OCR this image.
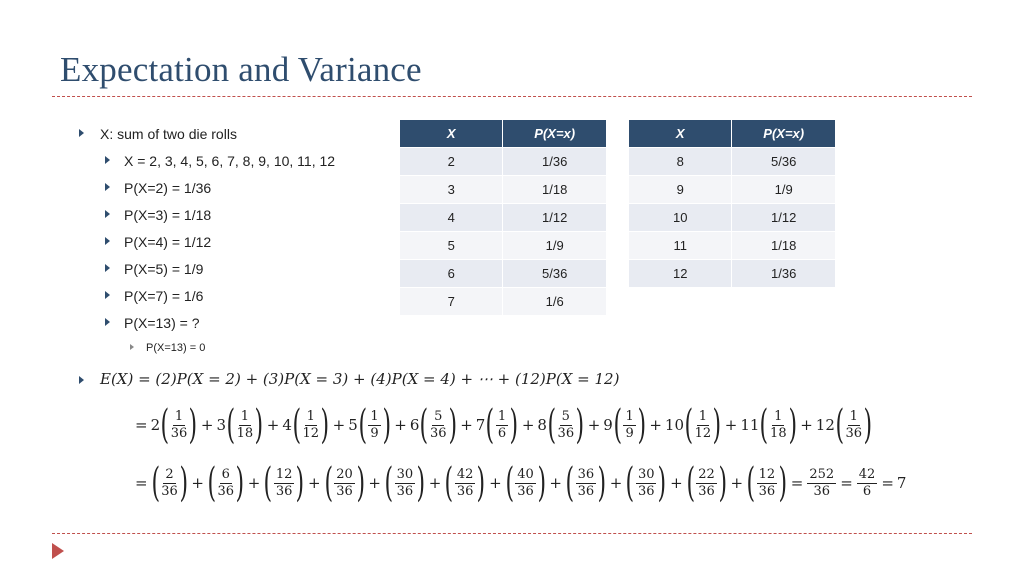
Expectation and Variance
X: sum of two die rolls
X = 2, 3, 4, 5, 6, 7, 8, 9, 10, 11, 12
P(X=2) = 1/36
P(X=3) = 1/18
P(X=4) = 1/12
P(X=5) = 1/9
P(X=7) = 1/6
P(X=13) = ?
P(X=13) = 0
E(X) = (2)P(X = 2) + (3)P(X = 3) + (4)P(X = 4) + ⋯ + (12)P(X = 12)
X	P(X=x)
2	1/36
3	1/18
4	1/12
5	1/9
6	5/36
7	1/6
X	P(X=x)
8	5/36
9	1/9
10	1/12
11	1/18
12	1/36
= 2 ( $\frac{1}{36}$ ) + 3 ( $\frac{1}{18}$ ) + 4 ( $\frac{1}{12}$ ) + 5 ( $\frac{1}{9}$ ) + 6 ( $\frac{5}{36}$ ) + 7 ( $\frac{1}{6}$ ) + 8 ( $\frac{5}{36}$ ) + 9 ( $\frac{1}{9}$ ) + 10 ( $\frac{1}{12}$ ) + 11 ( $\frac{1}{18}$ ) + 12 ( $\frac{1}{36}$ )
= ( $\frac{2}{36}$ ) + ( $\frac{6}{36}$ ) + ( $\frac{12}{36}$ ) + ( $\frac{20}{36}$ ) + ( $\frac{30}{36}$ ) + ( $\frac{42}{36}$ ) + ( $\frac{40}{36}$ ) + ( $\frac{36}{36}$ ) + ( $\frac{30}{36}$ ) + ( $\frac{22}{36}$ ) + ( $\frac{12}{36}$ ) = $\frac{252}{36} = \frac{42}{6} = 7$
